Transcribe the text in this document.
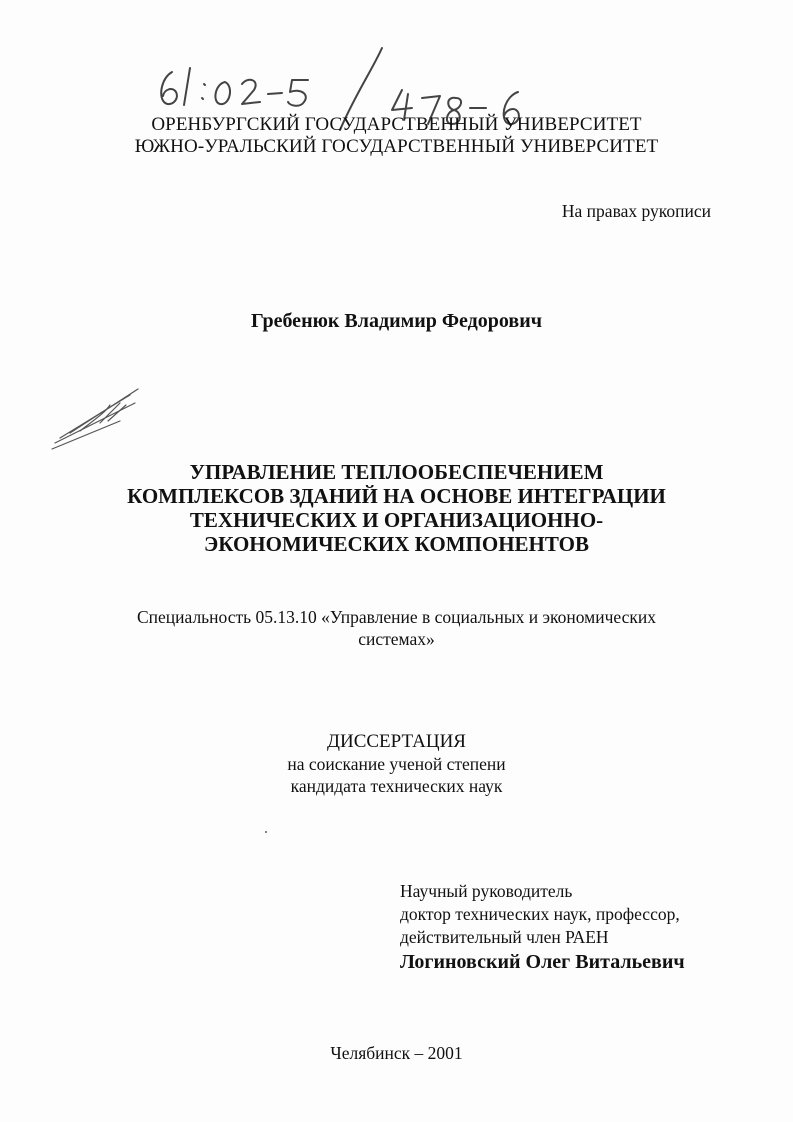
ОРЕНБУРГСКИЙ ГОСУДАРСТВЕННЫЙ УНИВЕРСИТЕТ
ЮЖНО-УРАЛЬСКИЙ ГОСУДАРСТВЕННЫЙ УНИВЕРСИТЕТ
На правах рукописи
Гребенюк Владимир Федорович
УПРАВЛЕНИЕ ТЕПЛООБЕСПЕЧЕНИЕМ
КОМПЛЕКСОВ ЗДАНИЙ НА ОСНОВЕ ИНТЕГРАЦИИ
ТЕХНИЧЕСКИХ И ОРГАНИЗАЦИОННО-
ЭКОНОМИЧЕСКИХ КОМПОНЕНТОВ
Специальность 05.13.10 «Управление в социальных и экономических
системах»
ДИССЕРТАЦИЯ
на соискание ученой степени
кандидата технических наук
Научный руководитель
доктор технических наук, профессор,
действительный член РАЕН
Логиновский Олег Витальевич
Челябинск – 2001
